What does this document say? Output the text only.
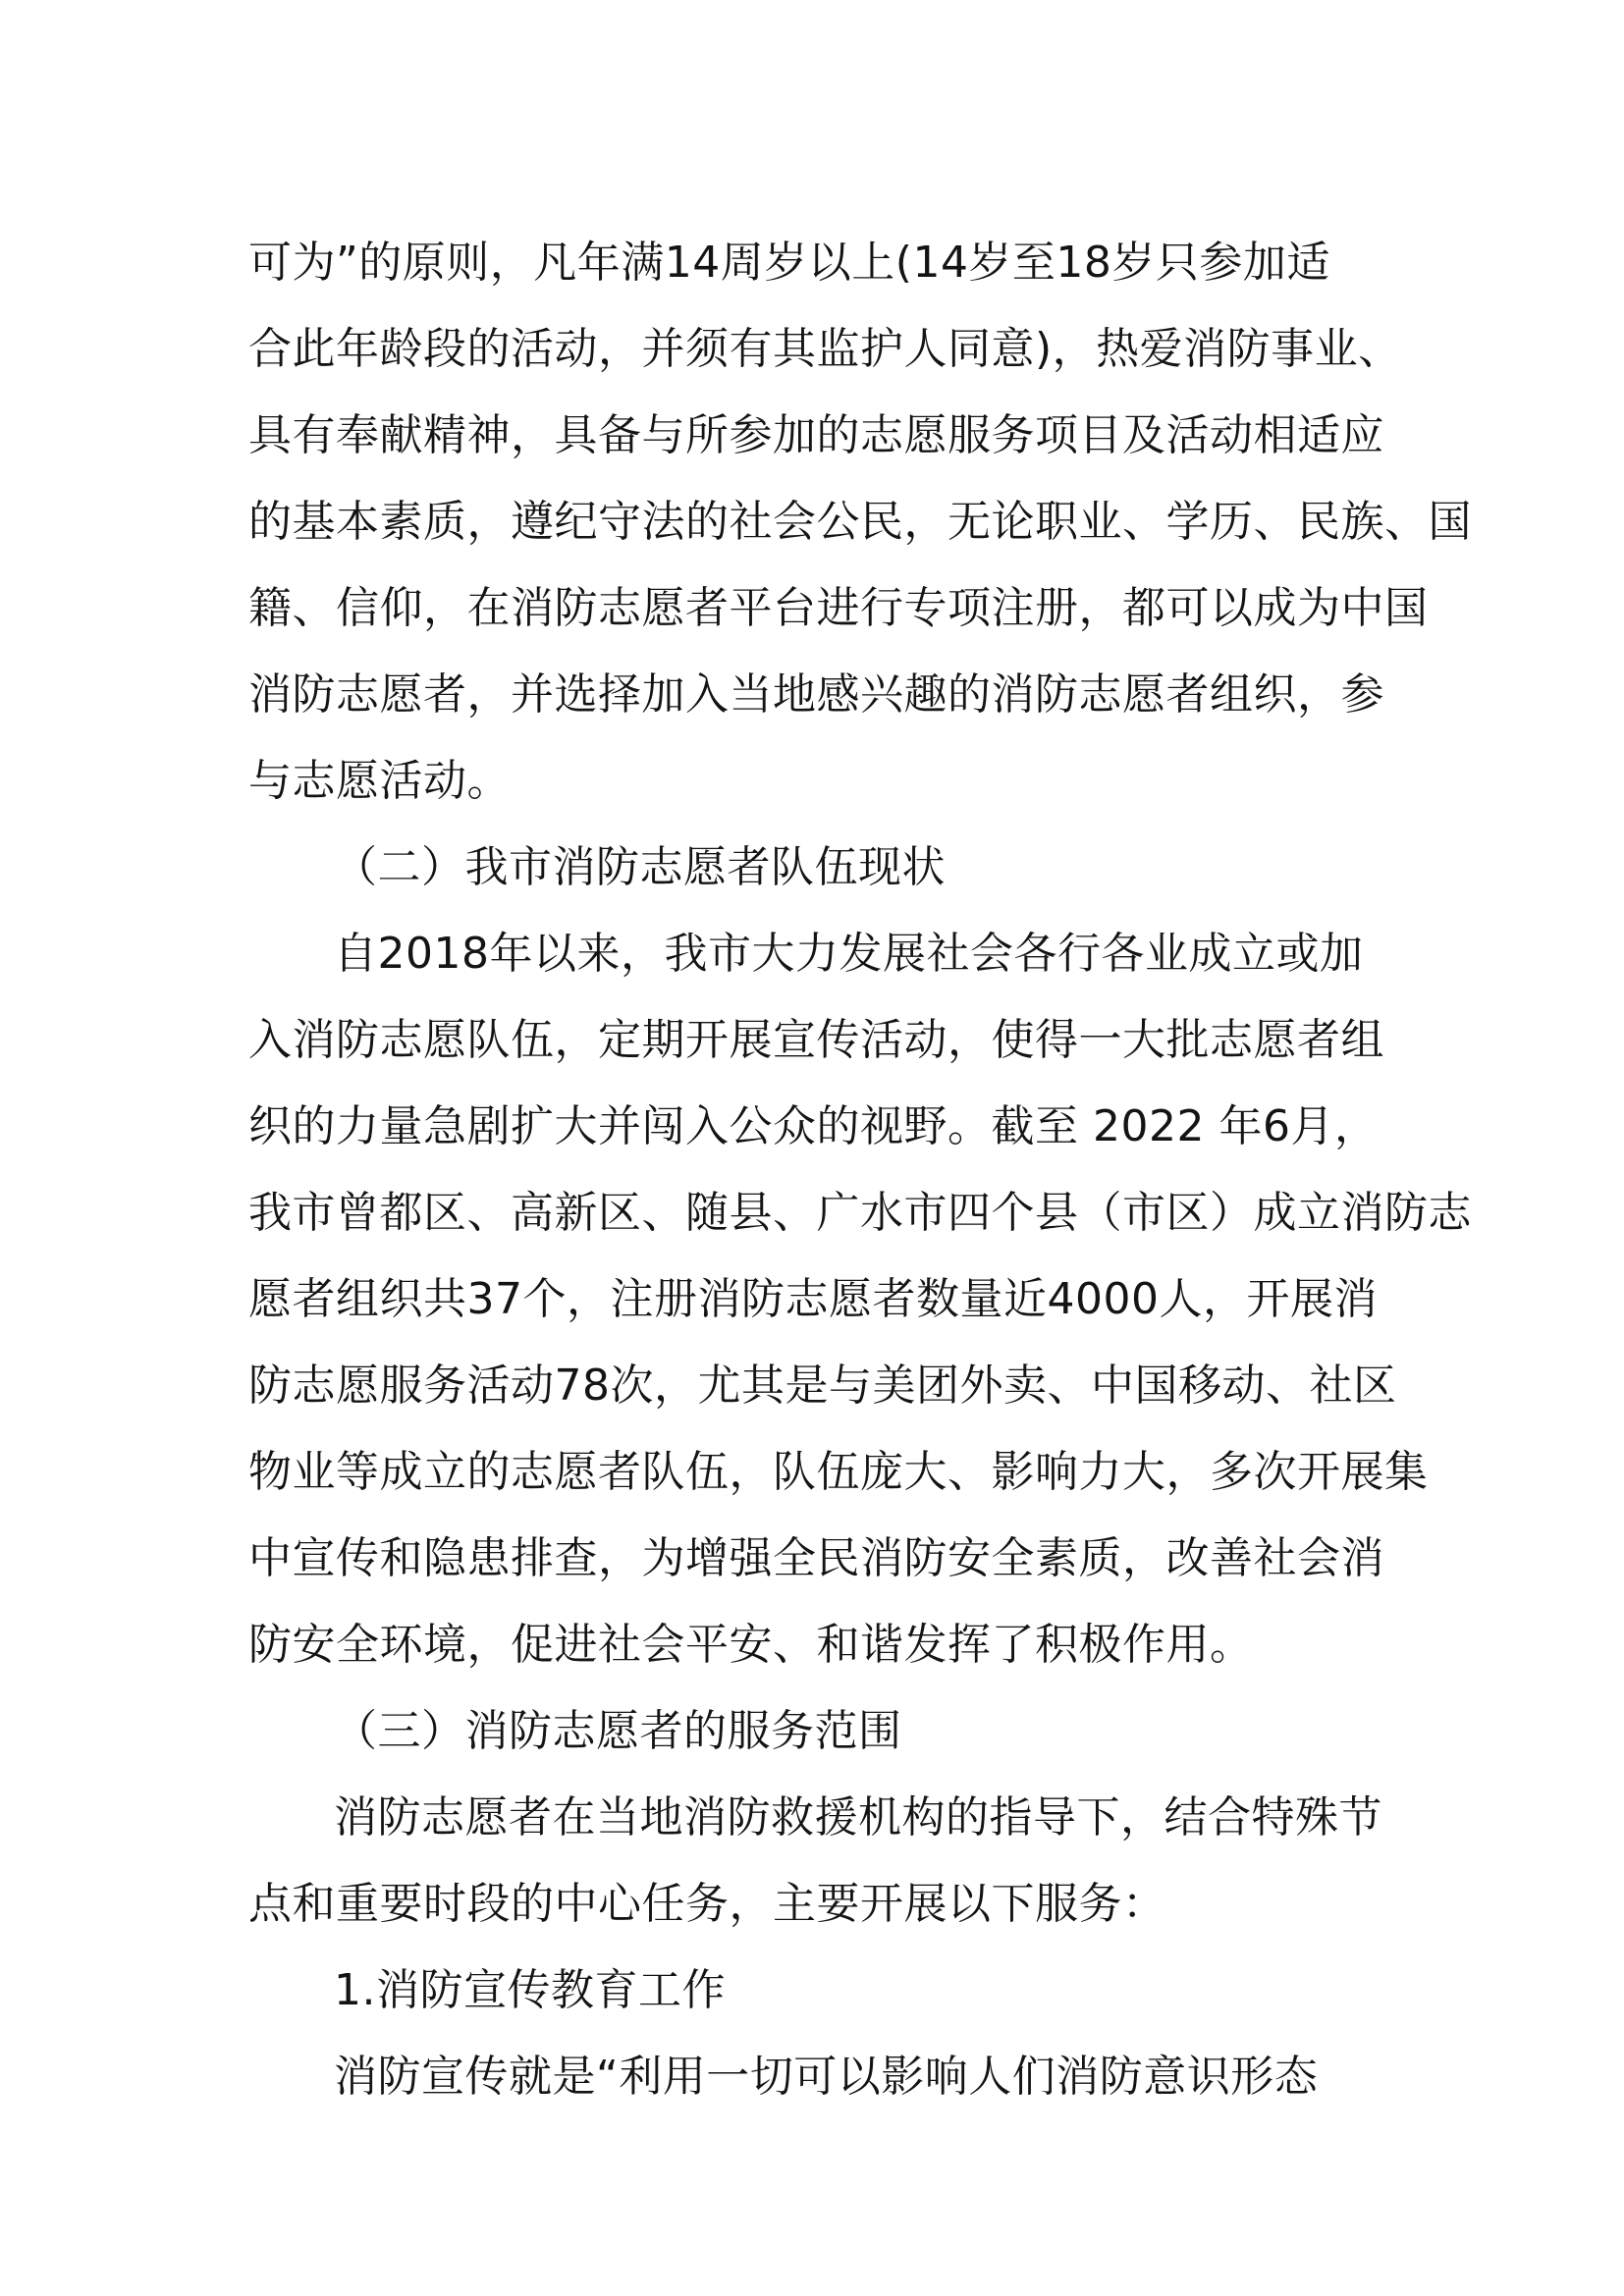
可为”的原则，凡年满14周岁以上(14岁至18岁只参加适
合此年龄段的活动，并须有其监护人同意)，热爱消防事业、
具有奉献精神，具备与所参加的志愿服务项目及活动相适应
的基本素质，遵纪守法的社会公民，无论职业、学历、民族、国
籍、信仰，在消防志愿者平台进行专项注册，都可以成为中国
消防志愿者，并选择加入当地感兴趣的消防志愿者组织，参
与志愿活动。
（二）我市消防志愿者队伍现状
自2018年以来，我市大力发展社会各行各业成立或加
入消防志愿队伍，定期开展宣传活动，使得一大批志愿者组
织的力量急剧扩大并闯入公众的视野。截至 2022 年6月，
我市曾都区、高新区、随县、广水市四个县（市区）成立消防志
愿者组织共37个，注册消防志愿者数量近4000人，开展消
防志愿服务活动78次，尤其是与美团外卖、中国移动、社区
物业等成立的志愿者队伍，队伍庞大、影响力大，多次开展集
中宣传和隐患排查，为增强全民消防安全素质，改善社会消
防安全环境，促进社会平安、和谐发挥了积极作用。
（三）消防志愿者的服务范围
消防志愿者在当地消防救援机构的指导下，结合特殊节
点和重要时段的中心任务，主要开展以下服务：
1.消防宣传教育工作
消防宣传就是“利用一切可以影响人们消防意识形态
